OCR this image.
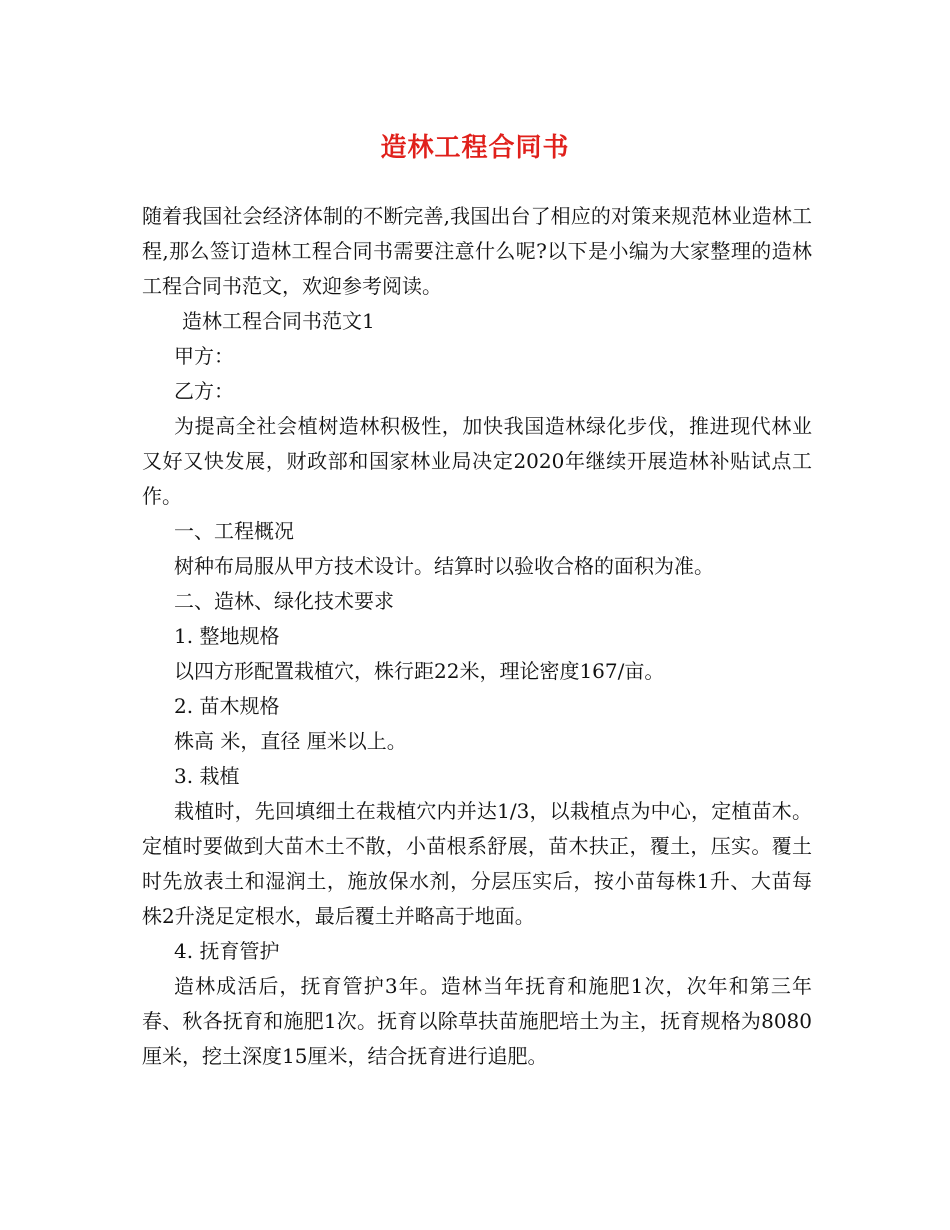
造林工程合同书

随着我国社会经济体制的不断完善,我国出台了相应的对策来规范林业造林工程,那么签订造林工程合同书需要注意什么呢?以下是小编为大家整理的造林工程合同书范文，欢迎参考阅读。

造林工程合同书范文1

甲方：

乙方：

为提高全社会植树造林积极性，加快我国造林绿化步伐，推进现代林业又好又快发展，财政部和国家林业局决定2020年继续开展造林补贴试点工作。

一、工程概况

树种布局服从甲方技术设计。结算时以验收合格的面积为准。

二、造林、绿化技术要求

1. 整地规格

以四方形配置栽植穴，株行距22米，理论密度167/亩。

2. 苗木规格

株高 米，直径 厘米以上。

3. 栽植

栽植时，先回填细土在栽植穴内并达1/3，以栽植点为中心，定植苗木。定植时要做到大苗木土不散，小苗根系舒展，苗木扶正，覆土，压实。覆土时先放表土和湿润土，施放保水剂，分层压实后，按小苗每株1升、大苗每株2升浇足定根水，最后覆土并略高于地面。

4. 抚育管护

造林成活后，抚育管护3年。造林当年抚育和施肥1次，次年和第三年春、秋各抚育和施肥1次。抚育以除草扶苗施肥培土为主，抚育规格为8080厘米，挖土深度15厘米，结合抚育进行追肥。
